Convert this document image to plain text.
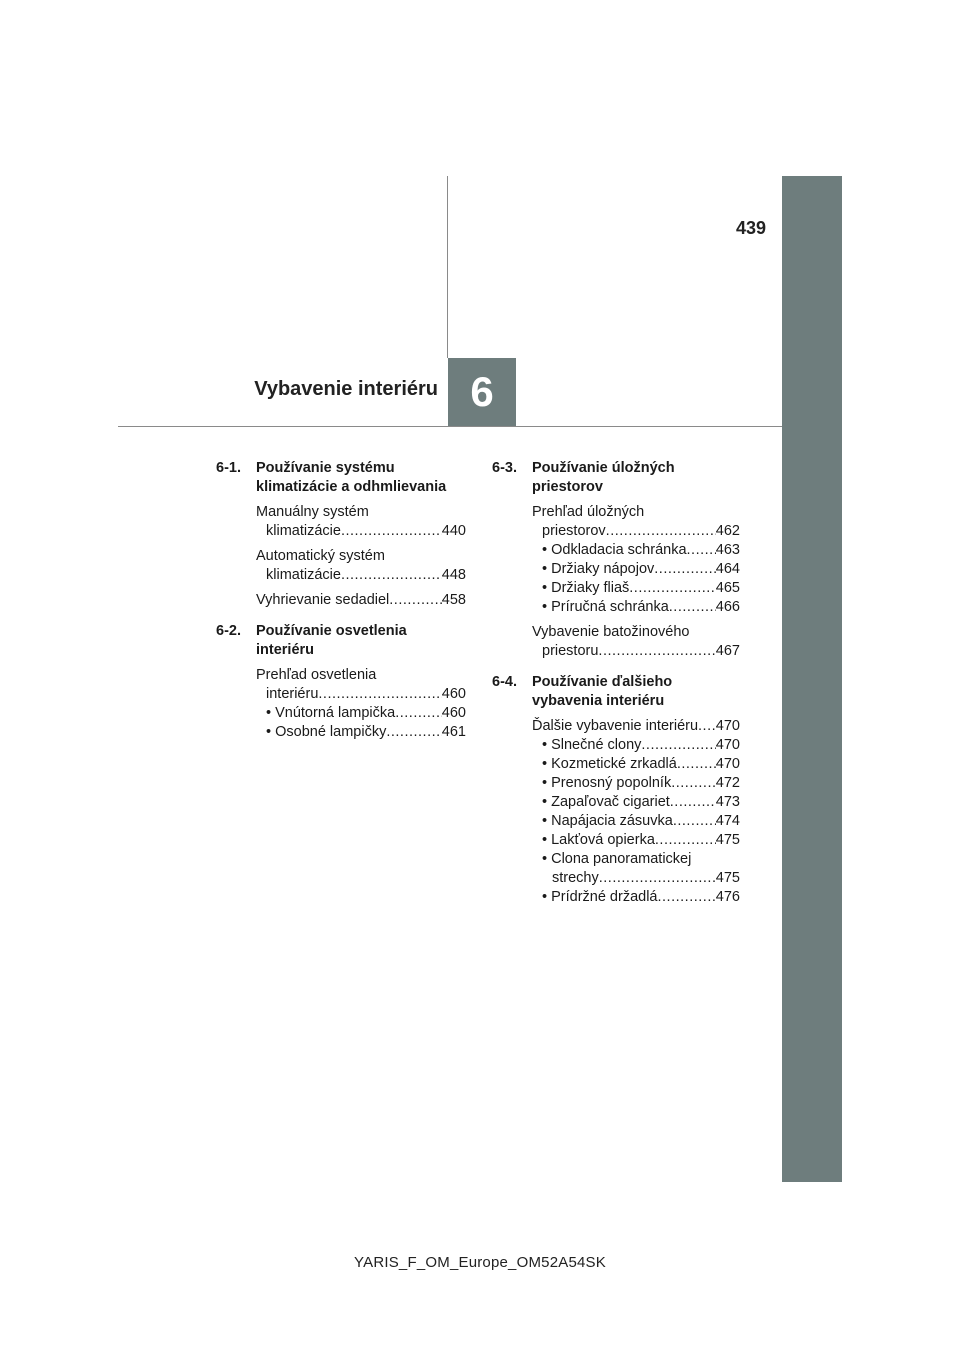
439
6
Vybavenie interiéru
6-1.	Používanie systému klimatizácie a odhmlievania
Manuálny systém
klimatizácie .....	440
Automatický systém
klimatizácie .....	448
Vyhrievanie sedadiel .....	458
6-2.	Používanie osvetlenia interiéru
Prehľad osvetlenia
interiéru .....	460
• Vnútorná lampička .....	460
• Osobné lampičky .....	461
6-3.	Používanie úložných priestorov
Prehľad úložných
priestorov .....	462
• Odkladacia schránka ..... 463
• Držiaky nápojov .....	464
• Držiaky fliaš .....	465
• Príručná schránka .....	466
Vybavenie batožinového
priestoru .....	467
6-4.	Používanie ďalšieho vybavenia interiéru
Ďalšie vybavenie interiéru ..... 470
• Slnečné clony .....	470
• Kozmetické zrkadlá .....	470
• Prenosný popolník .....	472
• Zapaľovač cigariet .....	473
• Napájacia zásuvka .....	474
• Lakťová opierka .....	475
• Clona panoramatickej
strechy .....	475
• Prídržné držadlá .....	476
YARIS_F_OM_Europe_OM52A54SK
